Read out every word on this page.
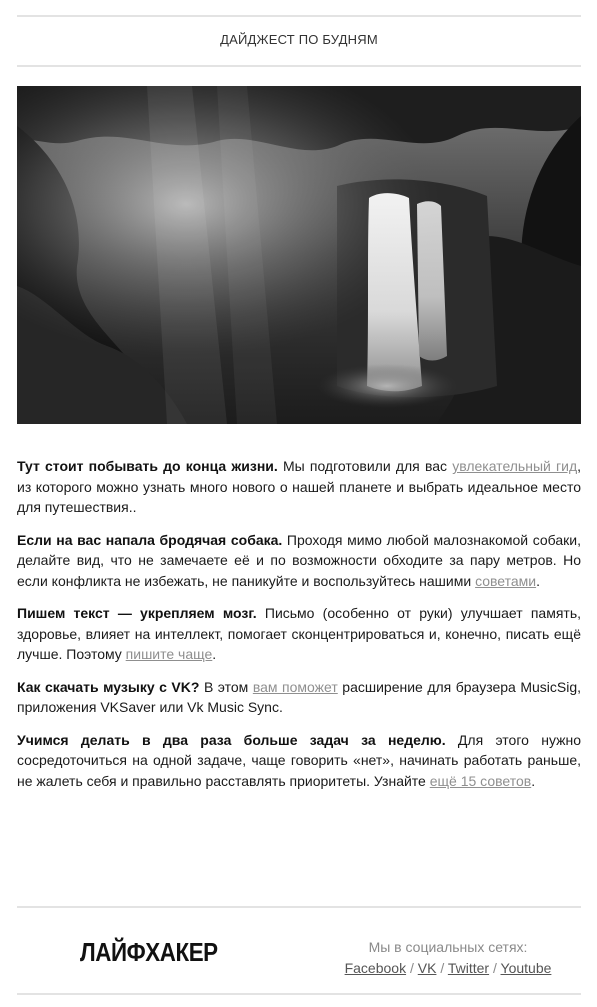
ДАЙДЖЕСТ ПО БУДНЯМ

Тут стоит побывать до конца жизни. Мы подготовили для вас увлекательный гид, из которого можно узнать много нового о нашей планете и выбрать идеальное место для путешествия..

Если на вас напала бродячая собака. Проходя мимо любой малознакомой собаки, делайте вид, что не замечаете её и по возможности обходите за пару метров. Но если конфликта не избежать, не паникуйте и воспользуйтесь нашими советами.

Пишем текст — укрепляем мозг. Письмо (особенно от руки) улучшает память, здоровье, влияет на интеллект, помогает сконцентрироваться и, конечно, писать ещё лучше. Поэтому пишите чаще.

Как скачать музыку с VK? В этом вам поможет расширение для браузера MusicSig, приложения VKSaver или Vk Music Sync.

Учимся делать в два раза больше задач за неделю. Для этого нужно сосредоточиться на одной задаче, чаще говорить «нет», начинать работать раньше, не жалеть себя и правильно расставлять приоритеты. Узнайте ещё 15 советов.

ЛАЙФХАКЕР	Мы в социальных сетях:
Facebook / VK / Twitter / Youtube
